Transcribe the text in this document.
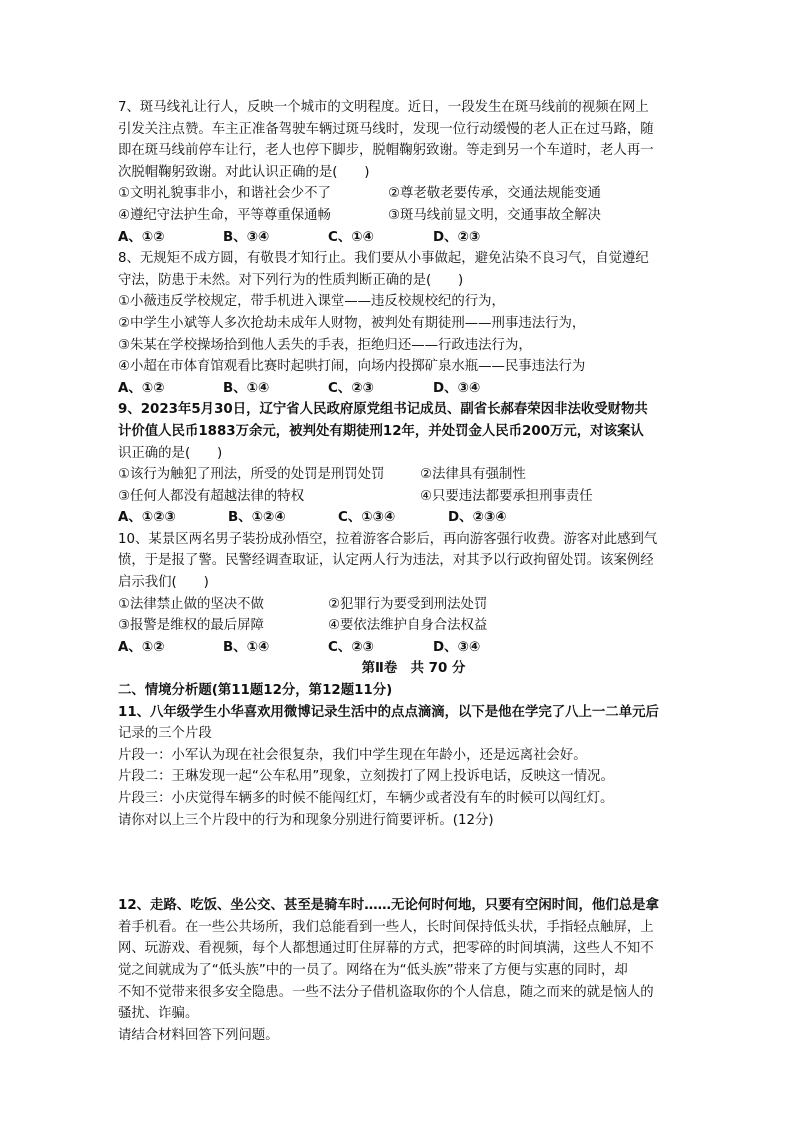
7、斑马线礼让行人，反映一个城市的文明程度。近日，一段发生在斑马线前的视频在网上
引发关注点赞。车主正准备驾驶车辆过斑马线时，发现一位行动缓慢的老人正在过马路，随
即在斑马线前停车让行，老人也停下脚步，脱帽鞠躬致谢。等走到另一个车道时，老人再一
次脱帽鞠躬致谢。对此认识正确的是(　　)
①文明礼貌事非小，和谐社会少不了	②尊老敬老要传承，交通法规能变通
④遵纪守法护生命，平等尊重保通畅	③斑马线前显文明，交通事故全解决
A、①②	B、③④	C、①④	D、②③
8、无规矩不成方圆，有敬畏才知行止。我们要从小事做起，避免沾染不良习气，自觉遵纪
守法，防患于未然。对下列行为的性质判断正确的是(　　)
①小薇违反学校规定，带手机进入课堂——违反校规校纪的行为，
②中学生小斌等人多次抢劫未成年人财物，被判处有期徒刑——刑事违法行为，
③朱某在学校操场拾到他人丢失的手表，拒绝归还——行政违法行为，
④小超在市体育馆观看比赛时起哄打闹，向场内投掷矿泉水瓶——民事违法行为
A、①②	B、①④	C、②③	D、③④
9、2023年5月30日，辽宁省人民政府原党组书记成员、副省长郝春荣因非法收受财物共
计价值人民币1883万余元，被判处有期徒刑12年，并处罚金人民币200万元，对该案认
识正确的是(　　)
①该行为触犯了刑法，所受的处罚是刑罚处罚	②法律具有强制性
③任何人都没有超越法律的特权	④只要违法都要承担刑事责任
A、①②③	B、①②④	C、①③④	D、②③④
10、某景区两名男子装扮成孙悟空，拉着游客合影后，再向游客强行收费。游客对此感到气
愤，于是报了警。民警经调查取证，认定两人行为违法，对其予以行政拘留处罚。该案例经
启示我们(　　)
①法律禁止做的坚决不做	②犯罪行为要受到刑法处罚
③报警是维权的最后屏障	④要依法维护自身合法权益
A、①②	B、①④	C、②③	D、③④
第Ⅱ卷　共 70 分
二、情境分析题(第11题12分，第12题11分)
11、八年级学生小华喜欢用微博记录生活中的点点滴滴，以下是他在学完了八上一二单元后
记录的三个片段
片段一：小军认为现在社会很复杂，我们中学生现在年龄小，还是远离社会好。
片段二：王琳发现一起“公车私用”现象，立刻拨打了网上投诉电话，反映这一情况。
片段三：小庆觉得车辆多的时候不能闯红灯，车辆少或者没有车的时候可以闯红灯。
请你对以上三个片段中的行为和现象分别进行简要评析。(12分)
12、走路、吃饭、坐公交、甚至是骑车时……无论何时何地，只要有空闲时间，他们总是拿
着手机看。在一些公共场所，我们总能看到一些人，长时间保持低头状，手指轻点触屏，上
网、玩游戏、看视频，每个人都想通过盯住屏幕的方式，把零碎的时间填满，这些人不知不
觉之间就成为了“低头族”中的一员了。网络在为“低头族”带来了方便与实惠的同时，却
不知不觉带来很多安全隐患。一些不法分子借机盗取你的个人信息，随之而来的就是恼人的
骚扰、诈骗。
请结合材料回答下列问题。
